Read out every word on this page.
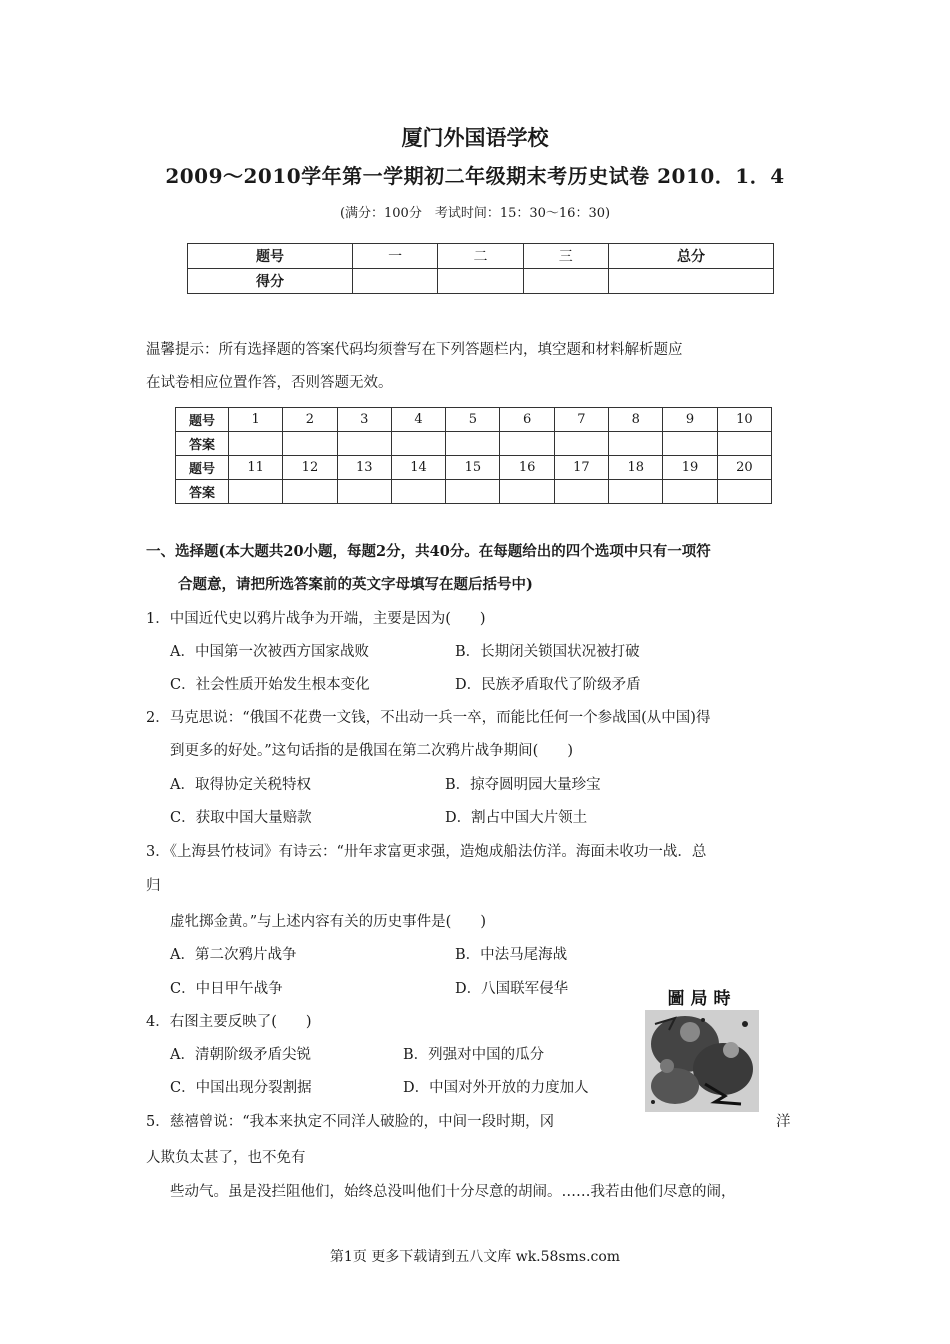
厦门外国语学校
2009～2010学年第一学期初二年级期末考历史试卷 2010．1．4
(满分：100分　考试时间：15：30～16：30)
题号	一	二	三	总分
得分				
温馨提示：所有选择题的答案代码均须誊写在下列答题栏内，填空题和材料解析题应
在试卷相应位置作答，否则答题无效。
题号	1	2	3	4	5	6	7	8	9	10
答案										
题号	11	12	13	14	15	16	17	18	19	20
答案										
一、选择题(本大题共20小题，每题2分，共40分。在每题给出的四个选项中只有一项符
合题意，请把所选答案前的英文字母填写在题后括号中)
1．中国近代史以鸦片战争为开端，主要是因为(　　)
A．中国第一次被西方国家战败	B．长期闭关锁国状况被打破
C．社会性质开始发生根本变化	D．民族矛盾取代了阶级矛盾
2．马克思说：“俄国不花费一文钱，不出动一兵一卒，而能比任何一个参战国(从中国)得
到更多的好处。”这句话指的是俄国在第二次鸦片战争期间(　　)
A．取得协定关税特权	B．掠夺圆明园大量珍宝
C．获取中国大量赔款	D．割占中国大片领土
3．《上海县竹枝词》有诗云：“卅年求富更求强，造炮成船法仿洋。海面未收功一战．总
归
虚牝掷金黄。”与上述内容有关的历史事件是(　　)
A．第二次鸦片战争	B．中法马尾海战
C．中日甲午战争	D．八国联军侵华
4．右图主要反映了(　　)
A．清朝阶级矛盾尖锐	B．列强对中国的瓜分
C．中国出现分裂割据	D．中国对外开放的力度加人
圖局時
5．慈禧曾说：“我本来执定不同洋人破脸的，中间一段时期，冈	洋
人欺负太甚了，也不免有
些动气。虽是没拦阻他们，始终总没叫他们十分尽意的胡闹。……我若由他们尽意的闹，
第1页 更多下载请到五八文库 wk.58sms.com
